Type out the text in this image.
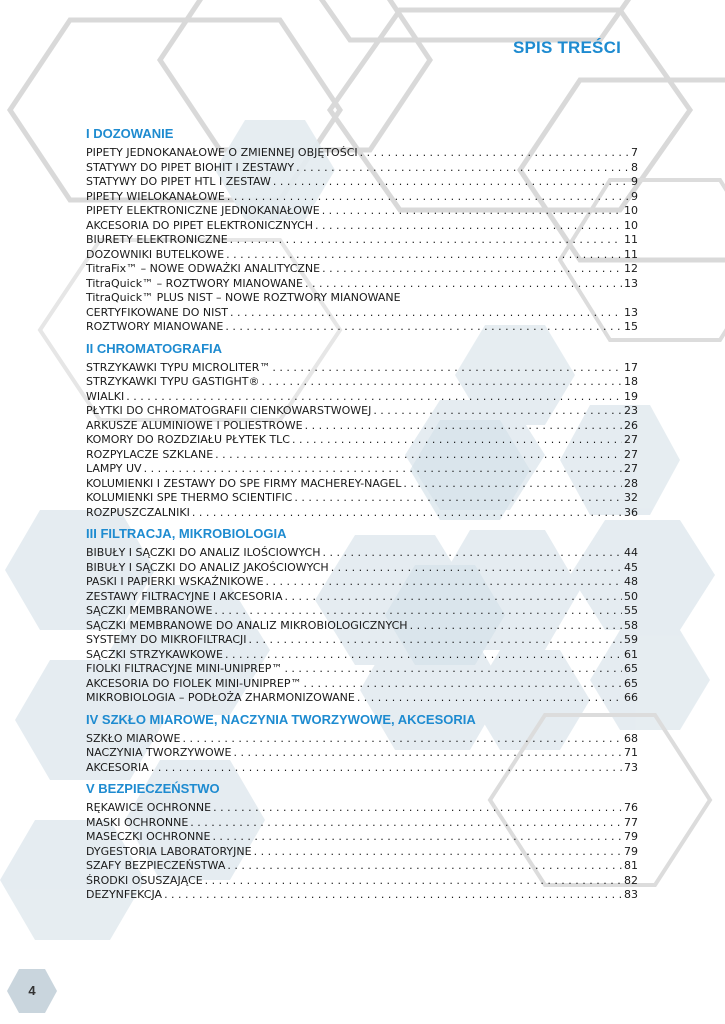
SPIS TREŚCI
I DOZOWANIE
PIPETY JEDNOKANAŁOWE O ZMIENNEJ OBJĘTOŚCI . . .	7
STATYWY DO PIPET BIOHIT I ZESTAWY . . .	8
STATYWY DO PIPET HTL I ZESTAW . . .	9
PIPETY WIELOKANAŁOWE . . .	9
PIPETY ELEKTRONICZNE JEDNOKANAŁOWE . . .	10
AKCESORIA DO PIPET ELEKTRONICZNYCH . . .	10
BIURETY ELEKTRONICZNE . . .	11
DOZOWNIKI BUTELKOWE . . .	11
TitraFix™ – NOWE ODWAŻKI ANALITYCZNE . . .	12
TitraQuick™ – ROZTWORY MIANOWANE . . .	13
TitraQuick™ PLUS NIST – NOWE ROZTWORY MIANOWANE
CERTYFIKOWANE DO NIST . . .	13
ROZTWORY MIANOWANE . . .	15
II CHROMATOGRAFIA
STRZYKAWKI TYPU MICROLITER™ . . .	17
STRZYKAWKI TYPU GASTIGHT® . . .	18
WIALKI . . .	19
PŁYTKI DO CHROMATOGRAFII CIENKOWARSTWOWEJ . . .	23
ARKUSZE ALUMINIOWE I POLIESTROWE . . .	26
KOMORY DO ROZDZIAŁU PŁYTEK TLC . . .	27
ROZPYLACZE SZKLANE . . .	27
LAMPY UV . . .	27
KOLUMIENKI I ZESTAWY DO SPE FIRMY MACHEREY-NAGEL . . .	28
KOLUMIENKI SPE THERMO SCIENTIFIC . . .	32
ROZPUSZCZALNIKI . . .	36
III FILTRACJA, MIKROBIOLOGIA
BIBUŁY I SĄCZKI DO ANALIZ ILOŚCIOWYCH . . .	44
BIBUŁY I SĄCZKI DO ANALIZ JAKOŚCIOWYCH . . .	45
PASKI I PAPIERKI WSKAŹNIKOWE . . .	48
ZESTAWY FILTRACYJNE I AKCESORIA . . .	50
SĄCZKI MEMBRANOWE . . .	55
SĄCZKI MEMBRANOWE DO ANALIZ MIKROBIOLOGICZNYCH . . .	58
SYSTEMY DO MIKROFILTRACJI . . .	59
SĄCZKI STRZYKAWKOWE . . .	61
FIOLKI FILTRACYJNE MINI-UNIPREP™ . . .	65
AKCESORIA DO FIOLEK MINI-UNIPREP™ . . .	65
MIKROBIOLOGIA – PODŁOŻA ZHARMONIZOWANE . . .	66
IV SZKŁO MIAROWE, NACZYNIA TWORZYWOWE, AKCESORIA
SZKŁO MIAROWE . . .	68
NACZYNIA TWORZYWOWE . . .	71
AKCESORIA . . .	73
V BEZPIECZEŃSTWO
RĘKAWICE OCHRONNE . . .	76
MASKI OCHRONNE . . .	77
MASECZKI OCHRONNE . . .	79
DYGESTORIA LABORATORYJNE . . .	79
SZAFY BEZPIECZEŃSTWA . . .	81
ŚRODKI OSUSZAJĄCE . . .	82
DEZYNFEKCJA . . .	83
4
